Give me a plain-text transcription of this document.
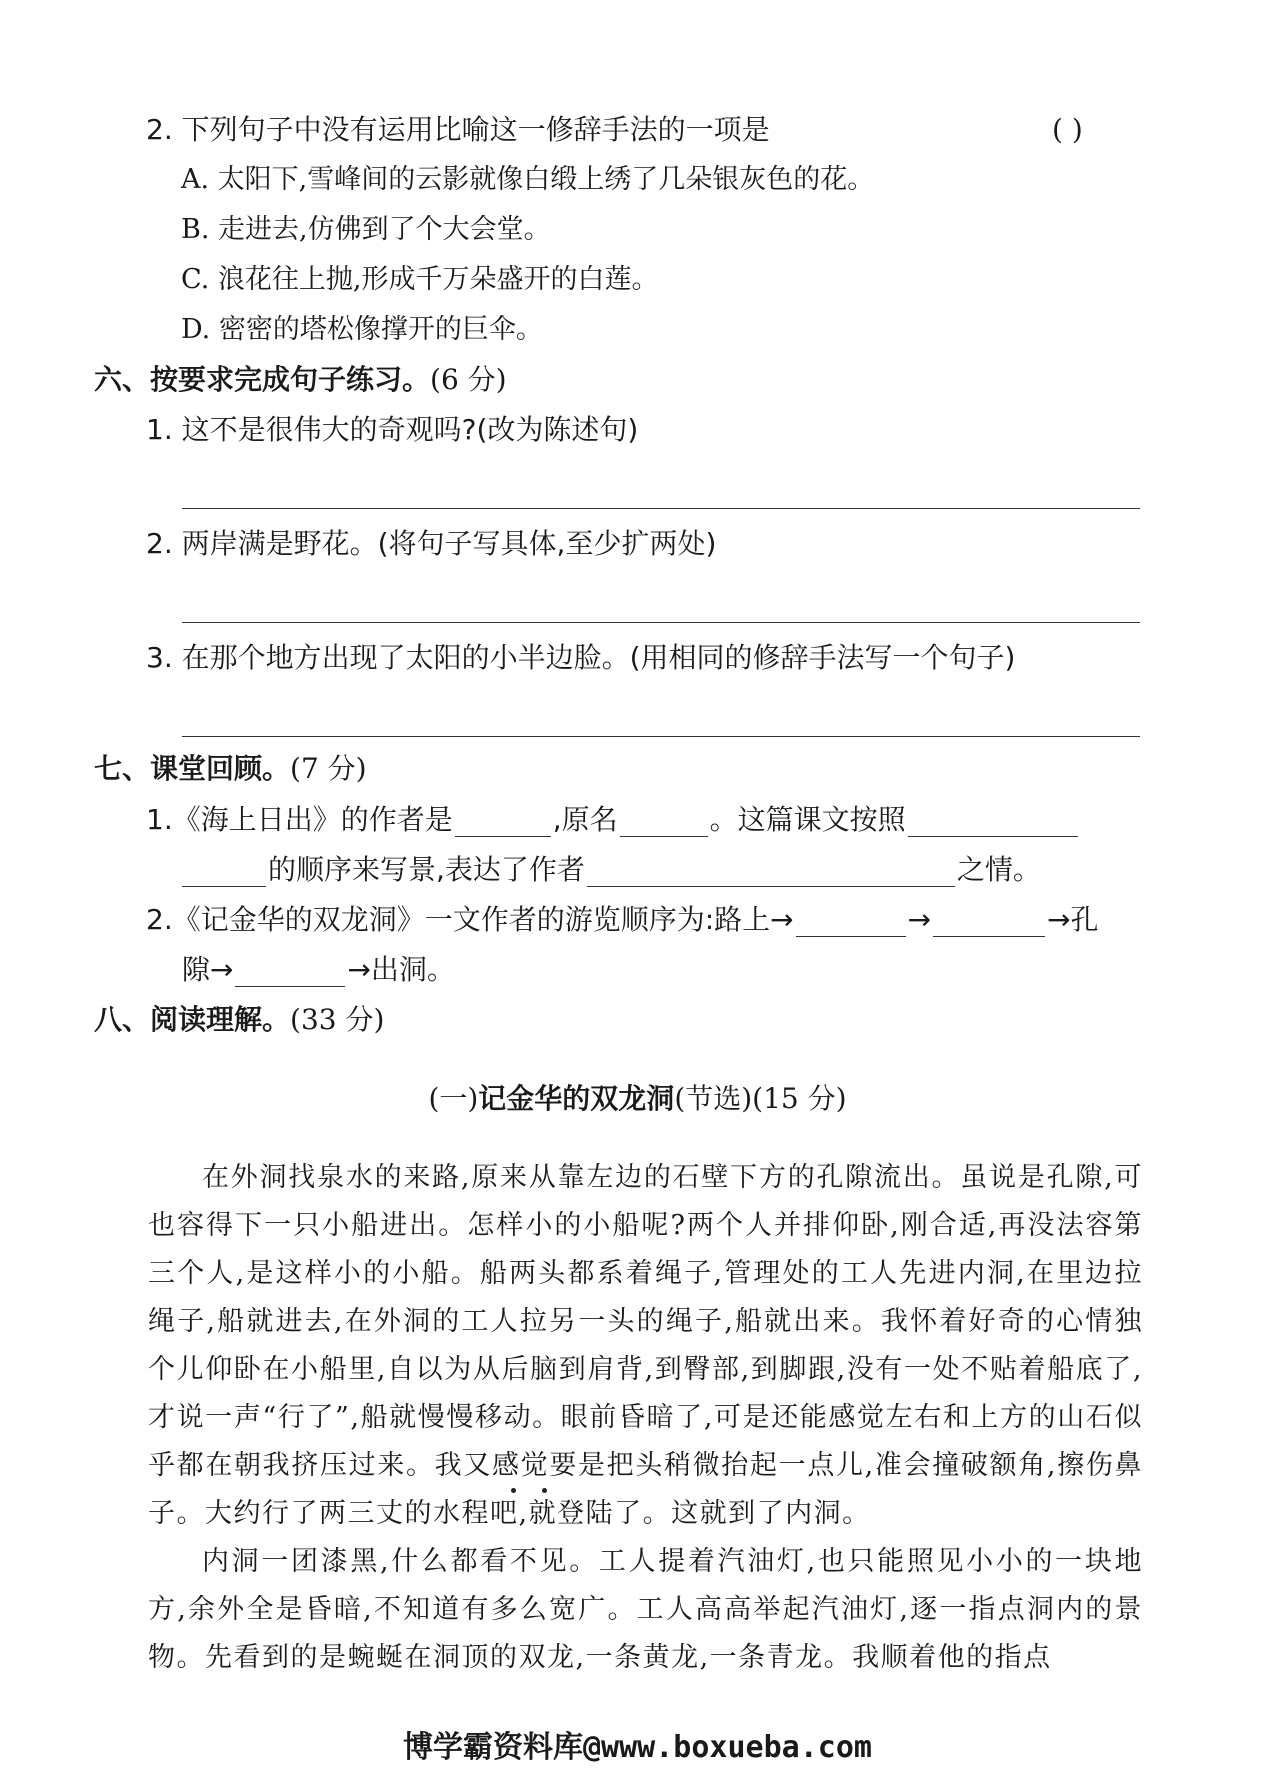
2. 下列句子中没有运用比喻这一修辞手法的一项是	( )
A. 太阳下,雪峰间的云影就像白缎上绣了几朵银灰色的花。
B. 走进去,仿佛到了个大会堂。
C. 浪花往上抛,形成千万朵盛开的白莲。
D. 密密的塔松像撑开的巨伞。
六、按要求完成句子练习。(6 分)
1. 这不是很伟大的奇观吗?(改为陈述句)
2. 两岸满是野花。(将句子写具体,至少扩两处)
3. 在那个地方出现了太阳的小半边脸。(用相同的修辞手法写一个句子)
七、课堂回顾。(7 分)
1.《海上日出》的作者是	,原名	。这篇课文按照
的顺序来写景,表达了作者	之情。
2.《记金华的双龙洞》一文作者的游览顺序为:路上→	→	→孔
隙→	→出洞。
八、阅读理解。(33 分)
(一)记金华的双龙洞(节选)(15 分)

在外洞找泉水的来路,原来从靠左边的石壁下方的孔隙流出。虽说是孔隙,可也容得下一只小船进出。怎样小的小船呢?两个人并排仰卧,刚合适,再没法容第三个人,是这样小的小船。船两头都系着绳子,管理处的工人先进内洞,在里边拉绳子,船就进去,在外洞的工人拉另一头的绳子,船就出来。我怀着好奇的心情独个儿仰卧在小船里,自以为从后脑到肩背,到臀部,到脚跟,没有一处不贴着船底了,才说一声“行了”,船就慢慢移动。眼前昏暗了,可是还能感觉左右和上方的山石似乎都在朝我挤压过来。我又感觉要是把头稍微抬起一点儿,准会撞破额角,擦伤鼻子。大约行了两三丈的水程吧,就登陆了。这就到了内洞。

内洞一团漆黑,什么都看不见。工人提着汽油灯,也只能照见小小的一块地方,余外全是昏暗,不知道有多么宽广。工人高高举起汽油灯,逐一指点洞内的景物。先看到的是蜿蜒在洞顶的双龙,一条黄龙,一条青龙。我顺着他的指点

博学霸资料库@www.boxueba.com
